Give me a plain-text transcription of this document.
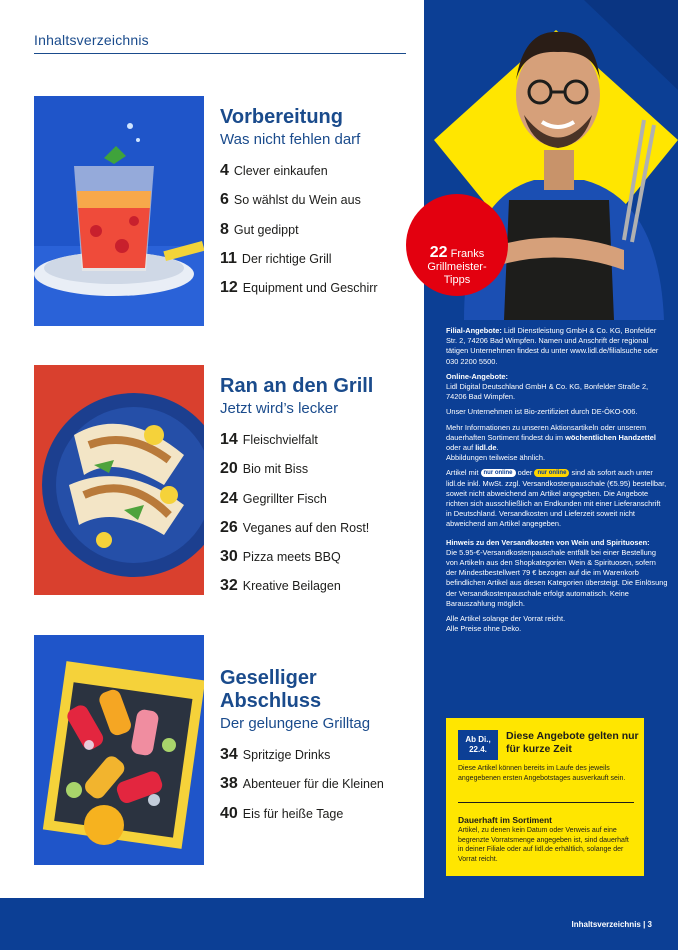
Inhaltsverzeichnis
Vorbereitung
Was nicht fehlen darf
4 Clever einkaufen
6 So wählst du Wein aus
8 Gut gedippt
11 Der richtige Grill
12 Equipment und Geschirr
Ran an den Grill
Jetzt wird’s lecker
14 Fleischvielfalt
20 Bio mit Biss
24 Gegrillter Fisch
26 Veganes auf den Rost!
30 Pizza meets BBQ
32 Kreative Beilagen
Geselliger
Abschluss
Der gelungene Grilltag
34 Spritzige Drinks
38 Abenteuer für die Kleinen
40 Eis für heiße Tage

Filial-Angebote: Lidl Dienstleistung GmbH & Co. KG, Bonfelder Str. 2, 74206 Bad Wimpfen. Namen und Anschrift der regional tätigen Unternehmen findest du unter www.lidl.de/filialsuche oder 030 2200 5500.

Online-Angebote:
Lidl Digital Deutschland GmbH & Co. KG, Bonfelder Straße 2, 74206 Bad Wimpfen.

Unser Unternehmen ist Bio-zertifiziert durch DE-ÖKO-006.

Mehr Informationen zu unseren Aktionsartikeln oder unserem dauerhaften Sortiment findest du im wöchentlichen Handzettel oder auf lidl.de.
Abbildungen teilweise ähnlich.

Artikel mit nur online oder nur online sind ab sofort auch unter lidl.de inkl. MwSt. zzgl. Versandkostenpauschale (€5.95) bestellbar, soweit nicht abweichend am Artikel angegeben. Die Angebote richten sich ausschließlich an Endkunden mit einer Lieferanschrift in Deutschland. Versandkosten und Lieferzeit soweit nicht abweichend am Artikel angegeben.

Hinweis zu den Versandkosten von Wein und Spirituosen:
Die 5.95-€-Versandkostenpauschale entfällt bei einer Bestellung von Artikeln aus den Shopkategorien Wein & Spirituosen, sofern der Mindestbestellwert 79 € bezogen auf die im Warenkorb befindlichen Artikel aus diesen Kategorien übersteigt. Die Einlösung der Versandkostenpauschale erfolgt automatisch. Keine Barauszahlung möglich.

Alle Artikel solange der Vorrat reicht.
Alle Preise ohne Deko.

22 Franks
Grillmeister-
Tipps
Ab Di.,
22.4.
Diese Angebote gelten nur für kurze Zeit
Diese Artikel können bereits im Laufe des jeweils angegebenen ersten Angebotstages ausverkauft sein.
Dauerhaft im Sortiment
Artikel, zu denen kein Datum oder Verweis auf eine begrenzte Vorratsmenge angegeben ist, sind dauerhaft in deiner Filiale oder auf lidl.de erhältlich, solange der Vorrat reicht.
Inhaltsverzeichnis | 3
